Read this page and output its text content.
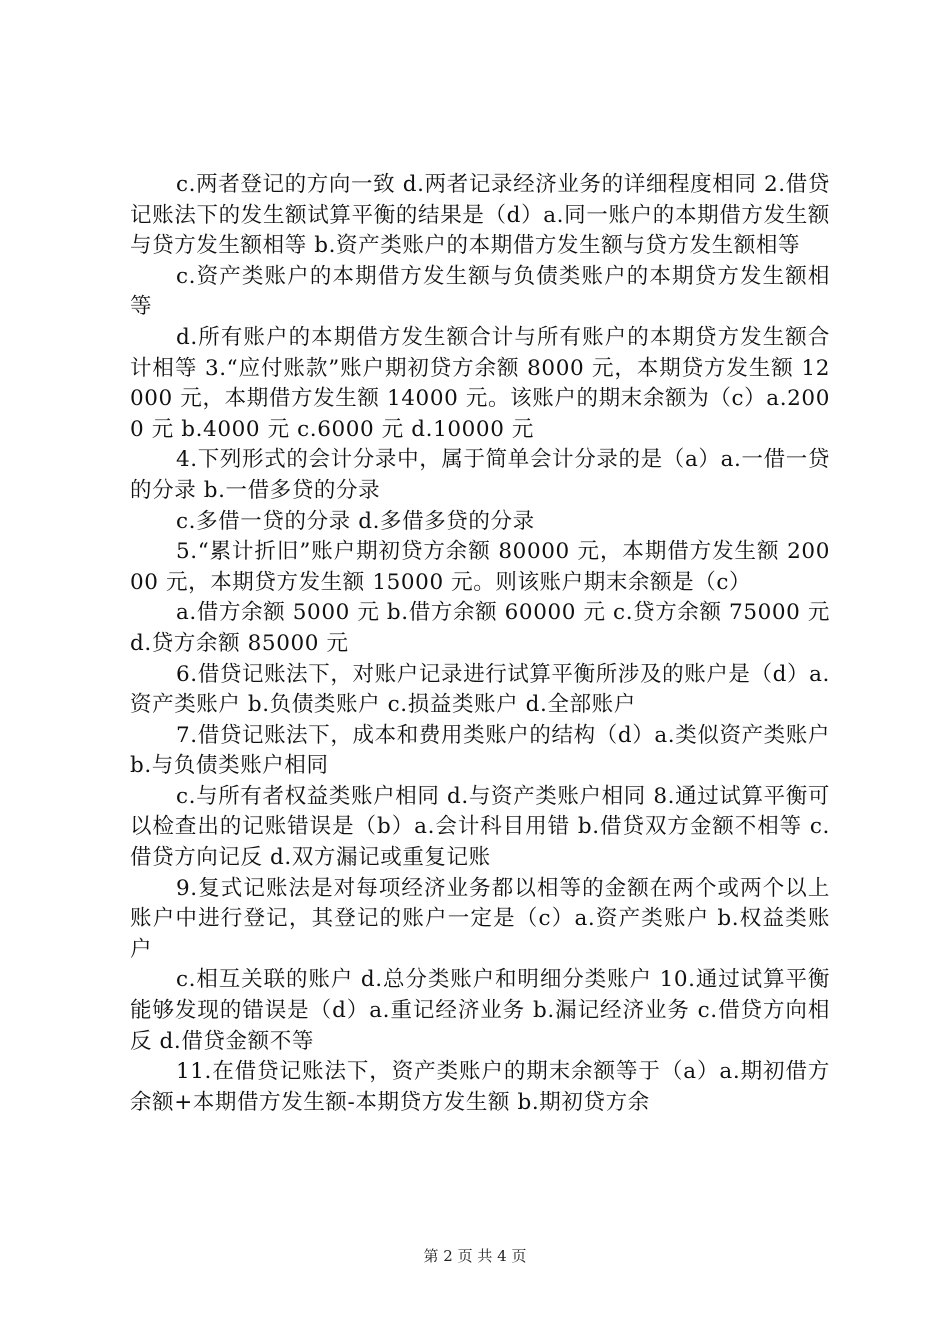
c.两者登记的方向一致 d.两者记录经济业务的详细程度相同 2.借贷记账法下的发生额试算平衡的结果是（d）a.同一账户的本期借方发生额与贷方发生额相等 b.资产类账户的本期借方发生额与贷方发生额相等

c.资产类账户的本期借方发生额与负债类账户的本期贷方发生额相等

d.所有账户的本期借方发生额合计与所有账户的本期贷方发生额合计相等 3.“应付账款”账户期初贷方余额 8000 元，本期贷方发生额 12000 元，本期借方发生额 14000 元。该账户的期末余额为（c）a.2000 元 b.4000 元 c.6000 元 d.10000 元

4.下列形式的会计分录中，属于简单会计分录的是（a）a.一借一贷的分录 b.一借多贷的分录

c.多借一贷的分录 d.多借多贷的分录

5.“累计折旧”账户期初贷方余额 80000 元，本期借方发生额 20000 元，本期贷方发生额 15000 元。则该账户期末余额是（c）

a.借方余额 5000 元 b.借方余额 60000 元 c.贷方余额 75000 元 d.贷方余额 85000 元

6.借贷记账法下，对账户记录进行试算平衡所涉及的账户是（d）a.资产类账户 b.负债类账户 c.损益类账户 d.全部账户

7.借贷记账法下，成本和费用类账户的结构（d）a.类似资产类账户 b.与负债类账户相同

c.与所有者权益类账户相同 d.与资产类账户相同 8.通过试算平衡可以检查出的记账错误是（b）a.会计科目用错 b.借贷双方金额不相等 c.借贷方向记反 d.双方漏记或重复记账

9.复式记账法是对每项经济业务都以相等的金额在两个或两个以上账户中进行登记，其登记的账户一定是（c）a.资产类账户 b.权益类账户

c.相互关联的账户 d.总分类账户和明细分类账户 10.通过试算平衡能够发现的错误是（d）a.重记经济业务 b.漏记经济业务 c.借贷方向相反 d.借贷金额不等

11.在借贷记账法下，资产类账户的期末余额等于（a）a.期初借方余额+本期借方发生额-本期贷方发生额 b.期初贷方余

第 2 页 共 4 页
